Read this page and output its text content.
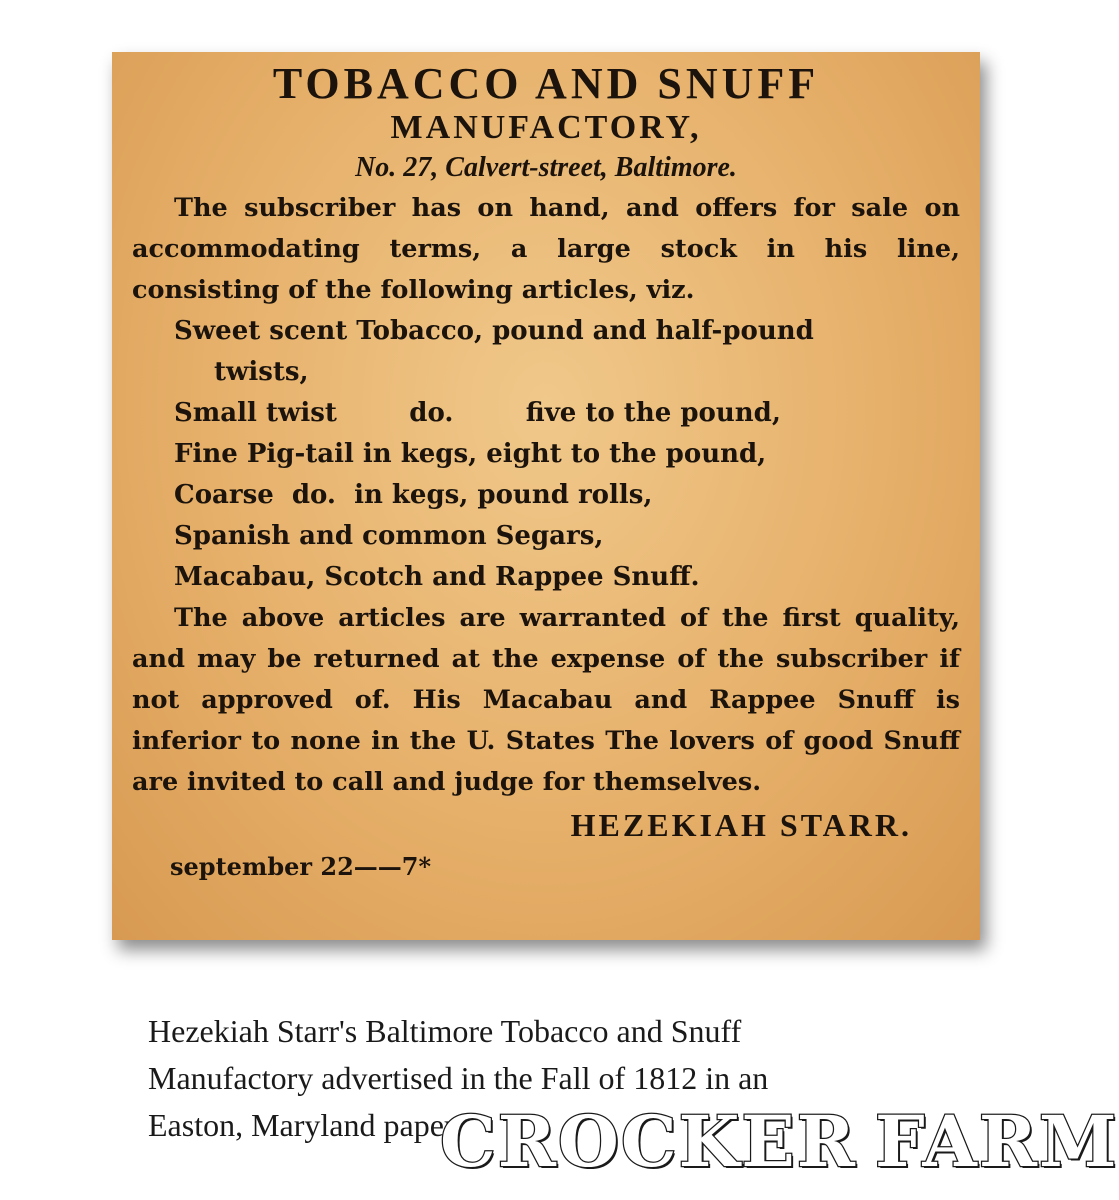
TOBACCO AND SNUFF

MANUFACTORY,

No. 27, Calvert-street, Baltimore.

The subscriber has on hand, and offers for sale on accommodating terms, a large stock in his line, consisting of the following articles, viz.

Sweet scent Tobacco, pound and half-pound
twists,
Small twist        do.        five to the pound,
Fine Pig-tail in kegs, eight to the pound,
Coarse  do.  in kegs, pound rolls,
Spanish and common Segars,
Macabau, Scotch and Rappee Snuff.

The above articles are warranted of the first quality, and may be returned at the expense of the subscriber if not approved of. His Macabau and Rappee Snuff is inferior to none in the U. States The lovers of good Snuff are invited to call and judge for themselves.

HEZEKIAH STARR.

september 22——7*

Hezekiah Starr's Baltimore Tobacco and Snuff
Manufactory advertised in the Fall of 1812 in an
Easton, Maryland paper.
CROCKER FARM
